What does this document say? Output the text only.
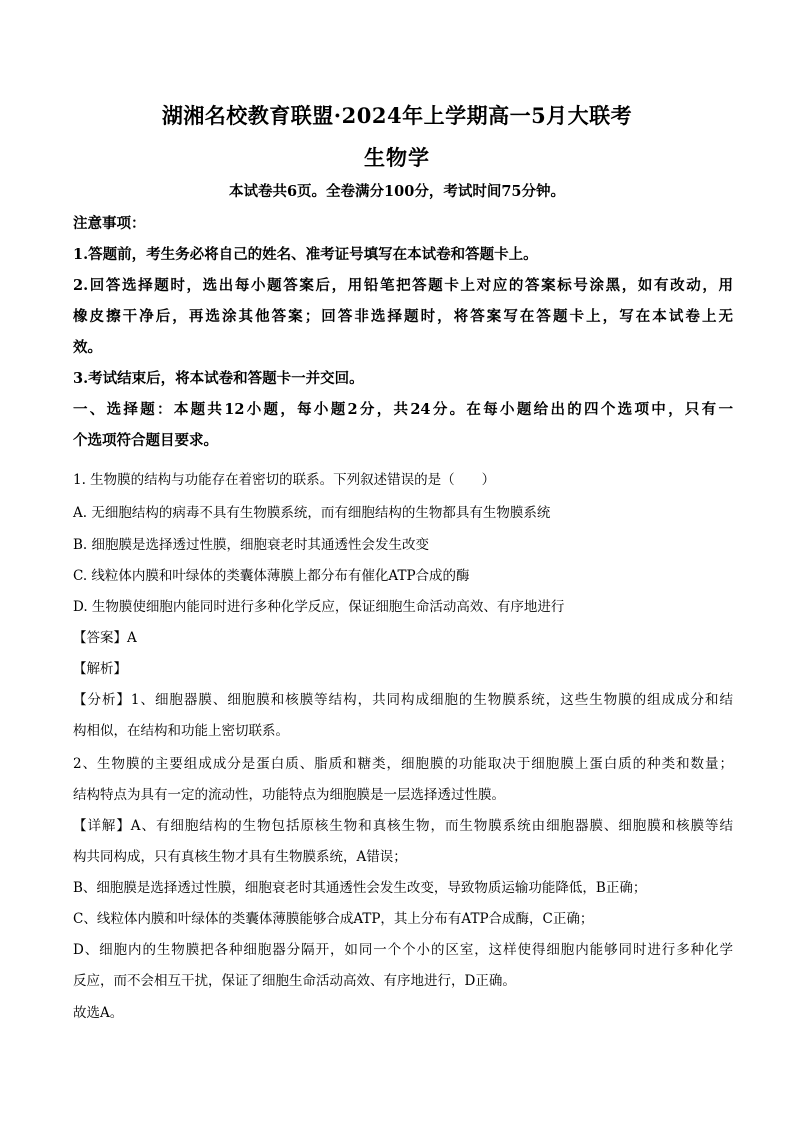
湖湘名校教育联盟·2024年上学期高一5月大联考
生物学
本试卷共6页。全卷满分100分，考试时间75分钟。
注意事项：
1.答题前，考生务必将自己的姓名、准考证号填写在本试卷和答题卡上。
2.回答选择题时，选出每小题答案后，用铅笔把答题卡上对应的答案标号涂黑，如有改动，用
橡皮擦干净后，再选涂其他答案；回答非选择题时，将答案写在答题卡上，写在本试卷上无
效。
3.考试结束后，将本试卷和答题卡一并交回。
一、选择题：本题共12小题，每小题2分，共24分。在每小题给出的四个选项中，只有一
个选项符合题目要求。
1. 生物膜的结构与功能存在着密切的联系。下列叙述错误的是（　　）
A. 无细胞结构的病毒不具有生物膜系统，而有细胞结构的生物都具有生物膜系统
B. 细胞膜是选择透过性膜，细胞衰老时其通透性会发生改变
C. 线粒体内膜和叶绿体的类囊体薄膜上都分布有催化ATP合成的酶
D. 生物膜使细胞内能同时进行多种化学反应，保证细胞生命活动高效、有序地进行
【答案】A
【解析】
【分析】1、细胞器膜、细胞膜和核膜等结构，共同构成细胞的生物膜系统，这些生物膜的组成成分和结
构相似，在结构和功能上密切联系。
2、生物膜的主要组成成分是蛋白质、脂质和糖类，细胞膜的功能取决于细胞膜上蛋白质的种类和数量；
结构特点为具有一定的流动性，功能特点为细胞膜是一层选择透过性膜。
【详解】A、有细胞结构的生物包括原核生物和真核生物，而生物膜系统由细胞器膜、细胞膜和核膜等结
构共同构成，只有真核生物才具有生物膜系统，A错误；
B、细胞膜是选择透过性膜，细胞衰老时其通透性会发生改变，导致物质运输功能降低，B正确；
C、线粒体内膜和叶绿体的类囊体薄膜能够合成ATP，其上分布有ATP合成酶，C正确；
D、细胞内的生物膜把各种细胞器分隔开，如同一个个小的区室，这样使得细胞内能够同时进行多种化学
反应，而不会相互干扰，保证了细胞生命活动高效、有序地进行，D正确。
故选A。
